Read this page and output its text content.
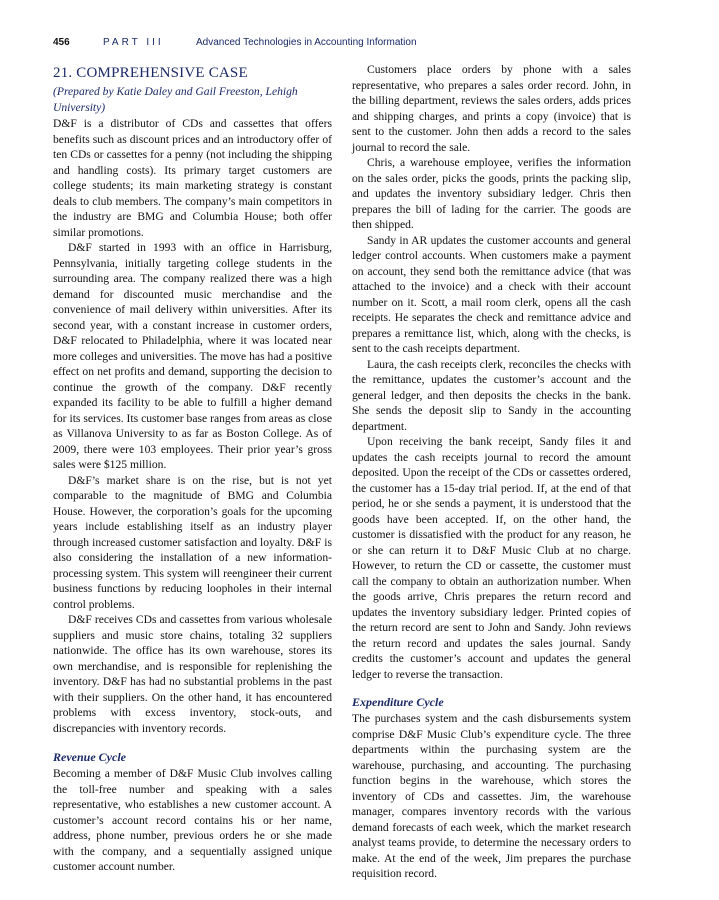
456	PART III	Advanced Technologies in Accounting Information
21. COMPREHENSIVE CASE

(Prepared by Katie Daley and Gail Freeston, Lehigh University)

D&F is a distributor of CDs and cassettes that offers benefits such as discount prices and an introductory offer of ten CDs or cassettes for a penny (not including the shipping and handling costs). Its primary target customers are college students; its main marketing strategy is constant deals to club members. The company’s main competitors in the industry are BMG and Columbia House; both offer similar promotions.

D&F started in 1993 with an office in Harrisburg, Pennsylvania, initially targeting college students in the surrounding area. The company realized there was a high demand for discounted music merchandise and the convenience of mail delivery within universities. After its second year, with a constant increase in customer orders, D&F relocated to Philadelphia, where it was located near more colleges and universities. The move has had a positive effect on net profits and demand, supporting the decision to continue the growth of the company. D&F recently expanded its facility to be able to fulfill a higher demand for its services. Its customer base ranges from areas as close as Villanova University to as far as Boston College. As of 2009, there were 103 employees. Their prior year’s gross sales were $125 million.

D&F’s market share is on the rise, but is not yet comparable to the magnitude of BMG and Columbia House. However, the corporation’s goals for the upcoming years include establishing itself as an industry player through increased customer satisfaction and loyalty. D&F is also considering the installation of a new information-processing system. This system will reengineer their current business functions by reducing loopholes in their internal control problems.

D&F receives CDs and cassettes from various wholesale suppliers and music store chains, totaling 32 suppliers nationwide. The office has its own warehouse, stores its own merchandise, and is responsible for replenishing the inventory. D&F has had no substantial problems in the past with their suppliers. On the other hand, it has encountered problems with excess inventory, stock-outs, and discrepancies with inventory records.

Revenue Cycle

Becoming a member of D&F Music Club involves calling the toll-free number and speaking with a sales representative, who establishes a new customer account. A customer’s account record contains his or her name, address, phone number, previous orders he or she made with the company, and a sequentially assigned unique customer account number.

Customers place orders by phone with a sales representative, who prepares a sales order record. John, in the billing department, reviews the sales orders, adds prices and shipping charges, and prints a copy (invoice) that is sent to the customer. John then adds a record to the sales journal to record the sale.

Chris, a warehouse employee, verifies the information on the sales order, picks the goods, prints the packing slip, and updates the inventory subsidiary ledger. Chris then prepares the bill of lading for the carrier. The goods are then shipped.

Sandy in AR updates the customer accounts and general ledger control accounts. When customers make a payment on account, they send both the remittance advice (that was attached to the invoice) and a check with their account number on it. Scott, a mail room clerk, opens all the cash receipts. He separates the check and remittance advice and prepares a remittance list, which, along with the checks, is sent to the cash receipts department.

Laura, the cash receipts clerk, reconciles the checks with the remittance, updates the customer’s account and the general ledger, and then deposits the checks in the bank. She sends the deposit slip to Sandy in the accounting department.

Upon receiving the bank receipt, Sandy files it and updates the cash receipts journal to record the amount deposited. Upon the receipt of the CDs or cassettes ordered, the customer has a 15-day trial period. If, at the end of that period, he or she sends a payment, it is understood that the goods have been accepted. If, on the other hand, the customer is dissatisfied with the product for any reason, he or she can return it to D&F Music Club at no charge. However, to return the CD or cassette, the customer must call the company to obtain an authorization number. When the goods arrive, Chris prepares the return record and updates the inventory subsidiary ledger. Printed copies of the return record are sent to John and Sandy. John reviews the return record and updates the sales journal. Sandy credits the customer’s account and updates the general ledger to reverse the transaction.

Expenditure Cycle

The purchases system and the cash disbursements system comprise D&F Music Club’s expenditure cycle. The three departments within the purchasing system are the warehouse, purchasing, and accounting. The purchasing function begins in the warehouse, which stores the inventory of CDs and cassettes. Jim, the warehouse manager, compares inventory records with the various demand forecasts of each week, which the market research analyst teams provide, to determine the necessary orders to make. At the end of the week, Jim prepares the purchase requisition record.
